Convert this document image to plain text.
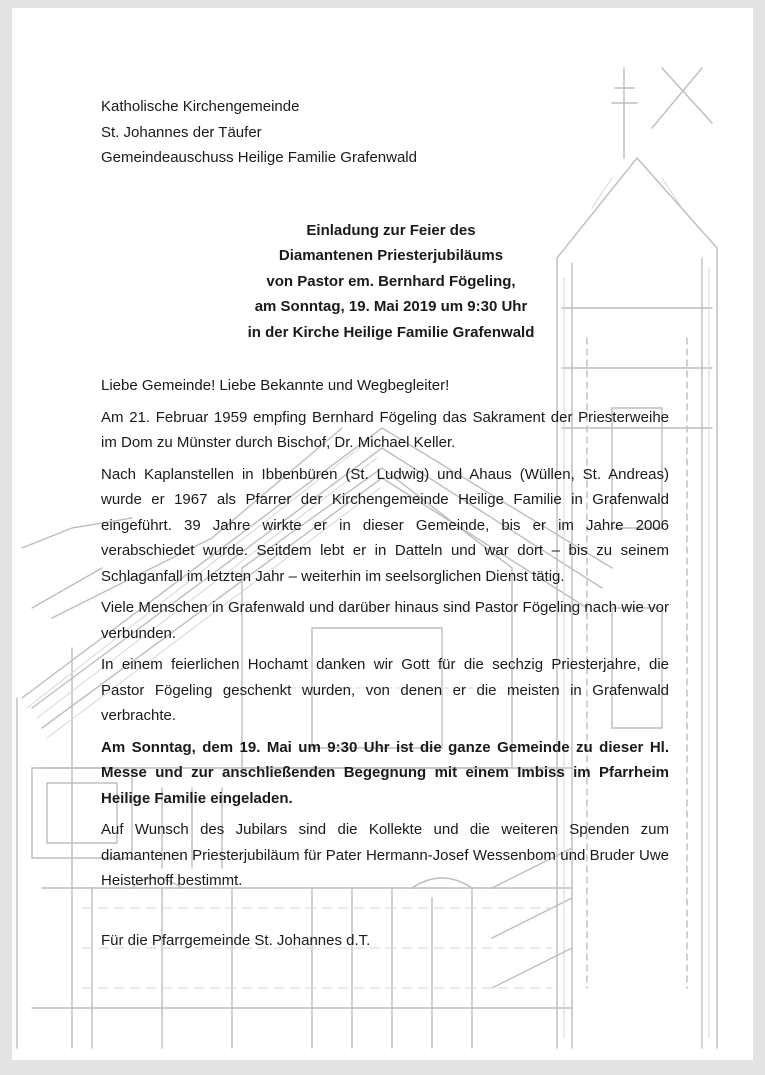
Katholische Kirchengemeinde

St. Johannes der Täufer

Gemeindeauschuss Heilige Familie Grafenwald

Einladung zur Feier des
Diamantenen Priesterjubiläums
von Pastor em. Bernhard Fögeling,
am Sonntag, 19. Mai 2019 um 9:30 Uhr
in der Kirche Heilige Familie Grafenwald

Liebe Gemeinde! Liebe Bekannte und Wegbegleiter!

Am 21. Februar 1959 empfing Bernhard Fögeling das Sakrament der Priesterweihe im Dom zu Münster durch Bischof, Dr. Michael Keller.

Nach Kaplanstellen in Ibbenbüren (St. Ludwig) und Ahaus (Wüllen, St. Andreas) wurde er 1967 als Pfarrer der Kirchengemeinde Heilige Familie in Grafenwald eingeführt. 39 Jahre wirkte er in dieser Gemeinde, bis er im Jahre 2006 verabschiedet wurde. Seitdem lebt er in Datteln und war dort – bis zu seinem Schlaganfall im letzten Jahr – weiterhin im seelsorglichen Dienst tätig.

Viele Menschen in Grafenwald und darüber hinaus sind Pastor Fögeling nach wie vor verbunden.

In einem feierlichen Hochamt danken wir Gott für die sechzig Priesterjahre, die Pastor Fögeling geschenkt wurden, von denen er die meisten in Grafenwald verbrachte.

Am Sonntag, dem 19. Mai um 9:30 Uhr ist die ganze Gemeinde zu dieser Hl. Messe und zur anschließenden Begegnung mit einem Imbiss im Pfarrheim Heilige Familie eingeladen.

Auf Wunsch des Jubilars sind die Kollekte und die weiteren Spenden zum diamantenen Priesterjubiläum für Pater Hermann-Josef Wessenbom und Bruder Uwe Heisterhoff bestimmt.

Für die Pfarrgemeinde St. Johannes d.T.
